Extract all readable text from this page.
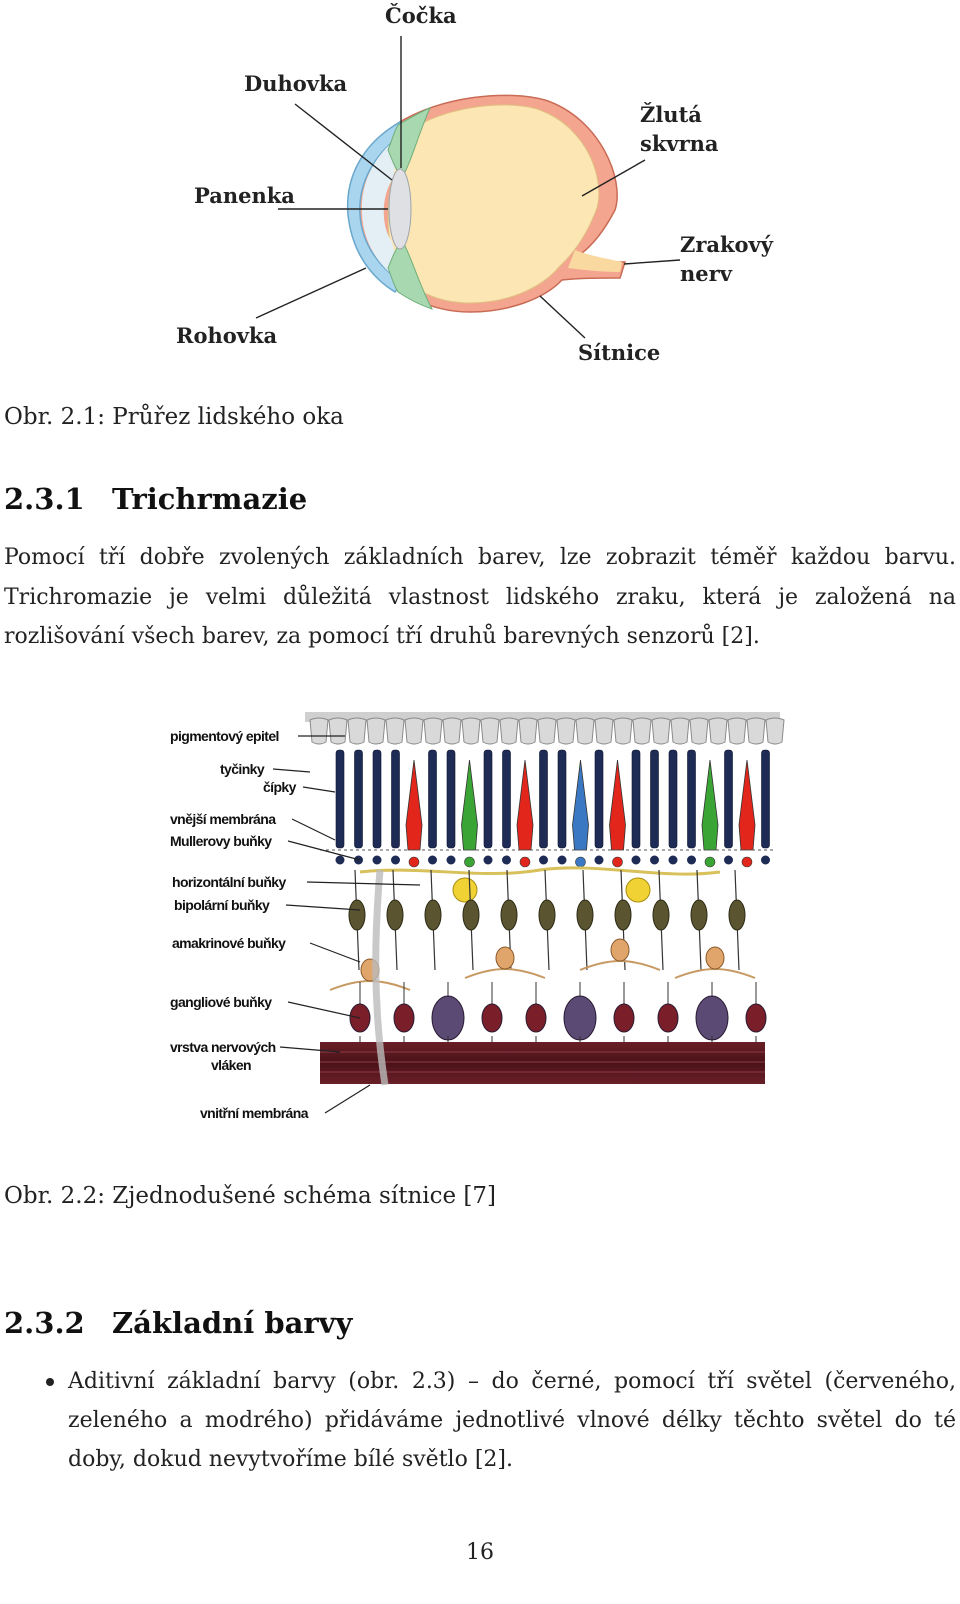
Čočka
Duhovka
Žlutá
skvrna
Panenka
Zrakový
nerv
Rohovka
Sítnice
Obr. 2.1: Průřez lidského oka
2.3.1 Trichrmazie
Pomocí tří dobře zvolených základních barev, lze zobrazit téměř každou barvu. Trichromazie je velmi důležitá vlastnost lidského zraku, která je založená na rozlišování všech barev, za pomocí tří druhů barevných senzorů [2].
pigmentový epitel
tyčinky
čípky
vnější membrána
Mullerovy buňky
horizontální buňky
bipolární buňky
amakrinové buňky
gangliové buňky
vrstva nervových
vláken
vnitřní membrána
Obr. 2.2: Zjednodušené schéma sítnice [7]
2.3.2 Základní barvy
Aditivní základní barvy (obr. 2.3) – do černé, pomocí tří světel (červeného, zeleného a modrého) přidáváme jednotlivé vlnové délky těchto světel do té doby, dokud nevytvoříme bílé světlo [2].
16
